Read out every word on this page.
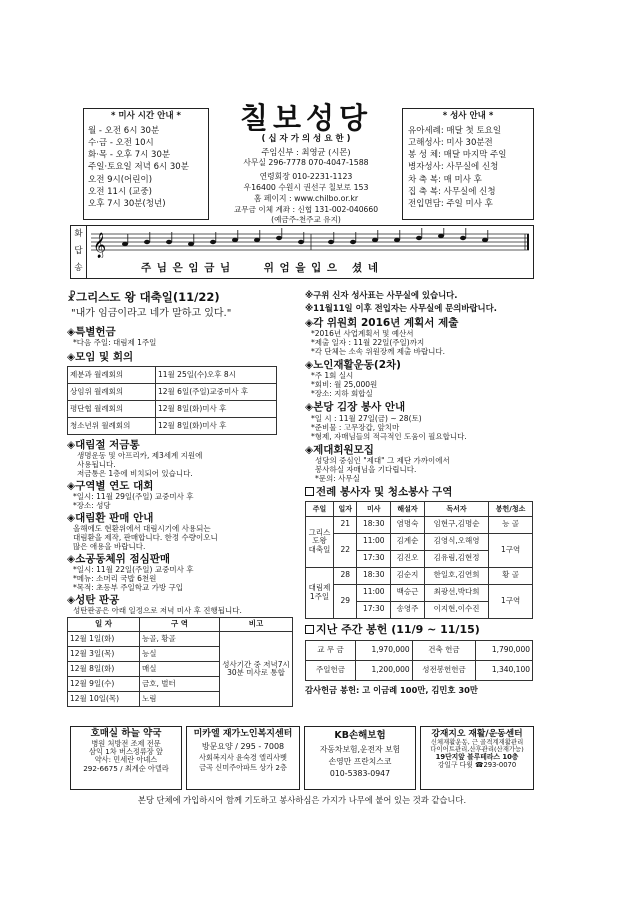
* 미사 시간 안내 *
월 - 오전 6시 30분
수·금 - 오전 10시
화·목 - 오후 7시 30분
주일·토요일 저녁 6시 30분
오전 9시(어린이)
오전 11시 (교중)
오후 7시 30분(청년)
칠보성당
( 십 자 가 의 성 요 한 )
주임신부 : 최영균 (시몬)
사무실 296-7778 070-4047-1588
연령회장 010-2231-1123
우16400 수원시 권선구 칠보로 153
홈 페이지 : www.chilbo.or.kr
교무금 이체 계좌 : 신협 131-002-040660
(예금주-천주교 유지)
* 성사 안내 *
유아세례: 매달 첫 토요일
고해성사: 미사 30분전
봉 성 체: 매달 마지막 주일
병자성사: 사무실에 신청
차 축 복: 매 미사 후
집 축 복: 사무실에 신청
전입면담: 주일 미사 후
화
답
송
𝄞
주 님 은 임 금 님       위 엄 을 입 으   셨 네
☧그리스도 왕 대축일(11/22)
"내가 임금이라고 네가 말하고 있다."
◈특별헌금
*다음 주일: 대림제 1주일
◈모임 및 회의
제분과 월례회의	11월 25일(수)오후 8시
상임위 월례회의	12월 6일(주일)교중미사 후
평단협 월례회의	12월 8일(화)미사 후
청소년위 월례회의	12월 8일(화)미사 후
◈대림절 저금통
생명운동 및 아프리카, 제3세계 지원에
사용됩니다.
저금통은 1층에 비치되어 있습니다.
◈구역별 연도 대회
*일시: 11월 29일(주일) 교중미사 후
*장소: 성당
◈대림환 판매 안내
올해에도 현환위에서 대림시기에 사용되는
대림환을 제작, 판매합니다. 한정 수량이오니
많은 애용을 바랍니다.
◈소공동체위 점심판매
*일시: 11월 22일(주일) 교중미사 후
*메뉴: 소머리 국밥 6천원
*목적: 초등부 주일학교 가방 구입
◈성탄 판공
성탄판공은 아래 일정으로 저녁 미사 후 진행됩니다.
일 자	구 역	비고
12월 1일(화)	능골, 황골	성사기간 중 저녁7시30분 미사로 통합
12월 3일(목)	능실	
12월 8일(화)	매실	
12월 9일(수)	금호, 벌터	
12월 10일(목)	노림	
※구위 신자 성사표는 사무실에 있습니다.
※11월11일 이후 전입자는 사무실에 문의바랍니다.
◈각 위원회 2016년 계획서 제출
*2016년 사업계획서 및 예산서
*제출 일자 : 11월 22일(주일)까지
*각 단체는 소속 위원장께 제출 바랍니다.
◈노인재활운동(2차)
*주 1회 실시
*회비: 월 25,000원
*장소: 지하 회합실
◈본당 김장 봉사 안내
*일 시 : 11월 27일(금) ~ 28(토)
*준비물 : 고무장갑, 앞치마
*형제, 자매님들의 적극적인 도움이 필요합니다.
◈제대회원모집
성당의 중심인 "제대" 그 제단 가까이에서
봉사하실 자매님을 기다립니다.
*문의: 사무실
전례 봉사자 및 청소봉사 구역
주일	일자	미사	해설자	독서자	봉헌/청소
그리스도왕 대축일	21	18:30	염명숙	임현구,김명순	능 골
	22	11:00	김계순	김영식,오해영	1구역
		17:30	김진오	김유림,김현정	
대림제1주일	28	18:30	김순지	한일호,김연희	황 골
	29	11:00	백승근	최광선,박다희	1구역
		17:30	송영주	이지현,이수진	
지난 주간 봉헌 (11/9 ~ 11/15)
교 무 금	1,970,000	건축 헌금	1,790,000
주일헌금	1,200,000	성전봉헌헌금	1,340,100
감사헌금 봉헌: 고 이금례 100만, 김민호 30만
호매실 하늘 약국
병원 처방전 조제 전문
삼익 1차 버스정류장 앞
약사: 민세란 아녜스
292-6675 / 최계순 아델라
미카엘 재가노인복지센터
방문요양 / 295 - 7008
사회복지사 윤숙경 엘리사벳
금곡 신미주아파트 상가 2층
KB손해보험
자동차보험,운전자 보험
손영만 프란치스코
010-5383-0947
강재지오 재활/운동센터
신체재활운동, 근 골격계재활관리
다이어트관리,산후관리(산재가능)
19단지앞 블루테라스 10층
강일구 다윗 ☎293-0070
본당 단체에 가입하시어 함께 기도하고 봉사하심은 가지가 나무에 붙어 있는 것과 같습니다.
